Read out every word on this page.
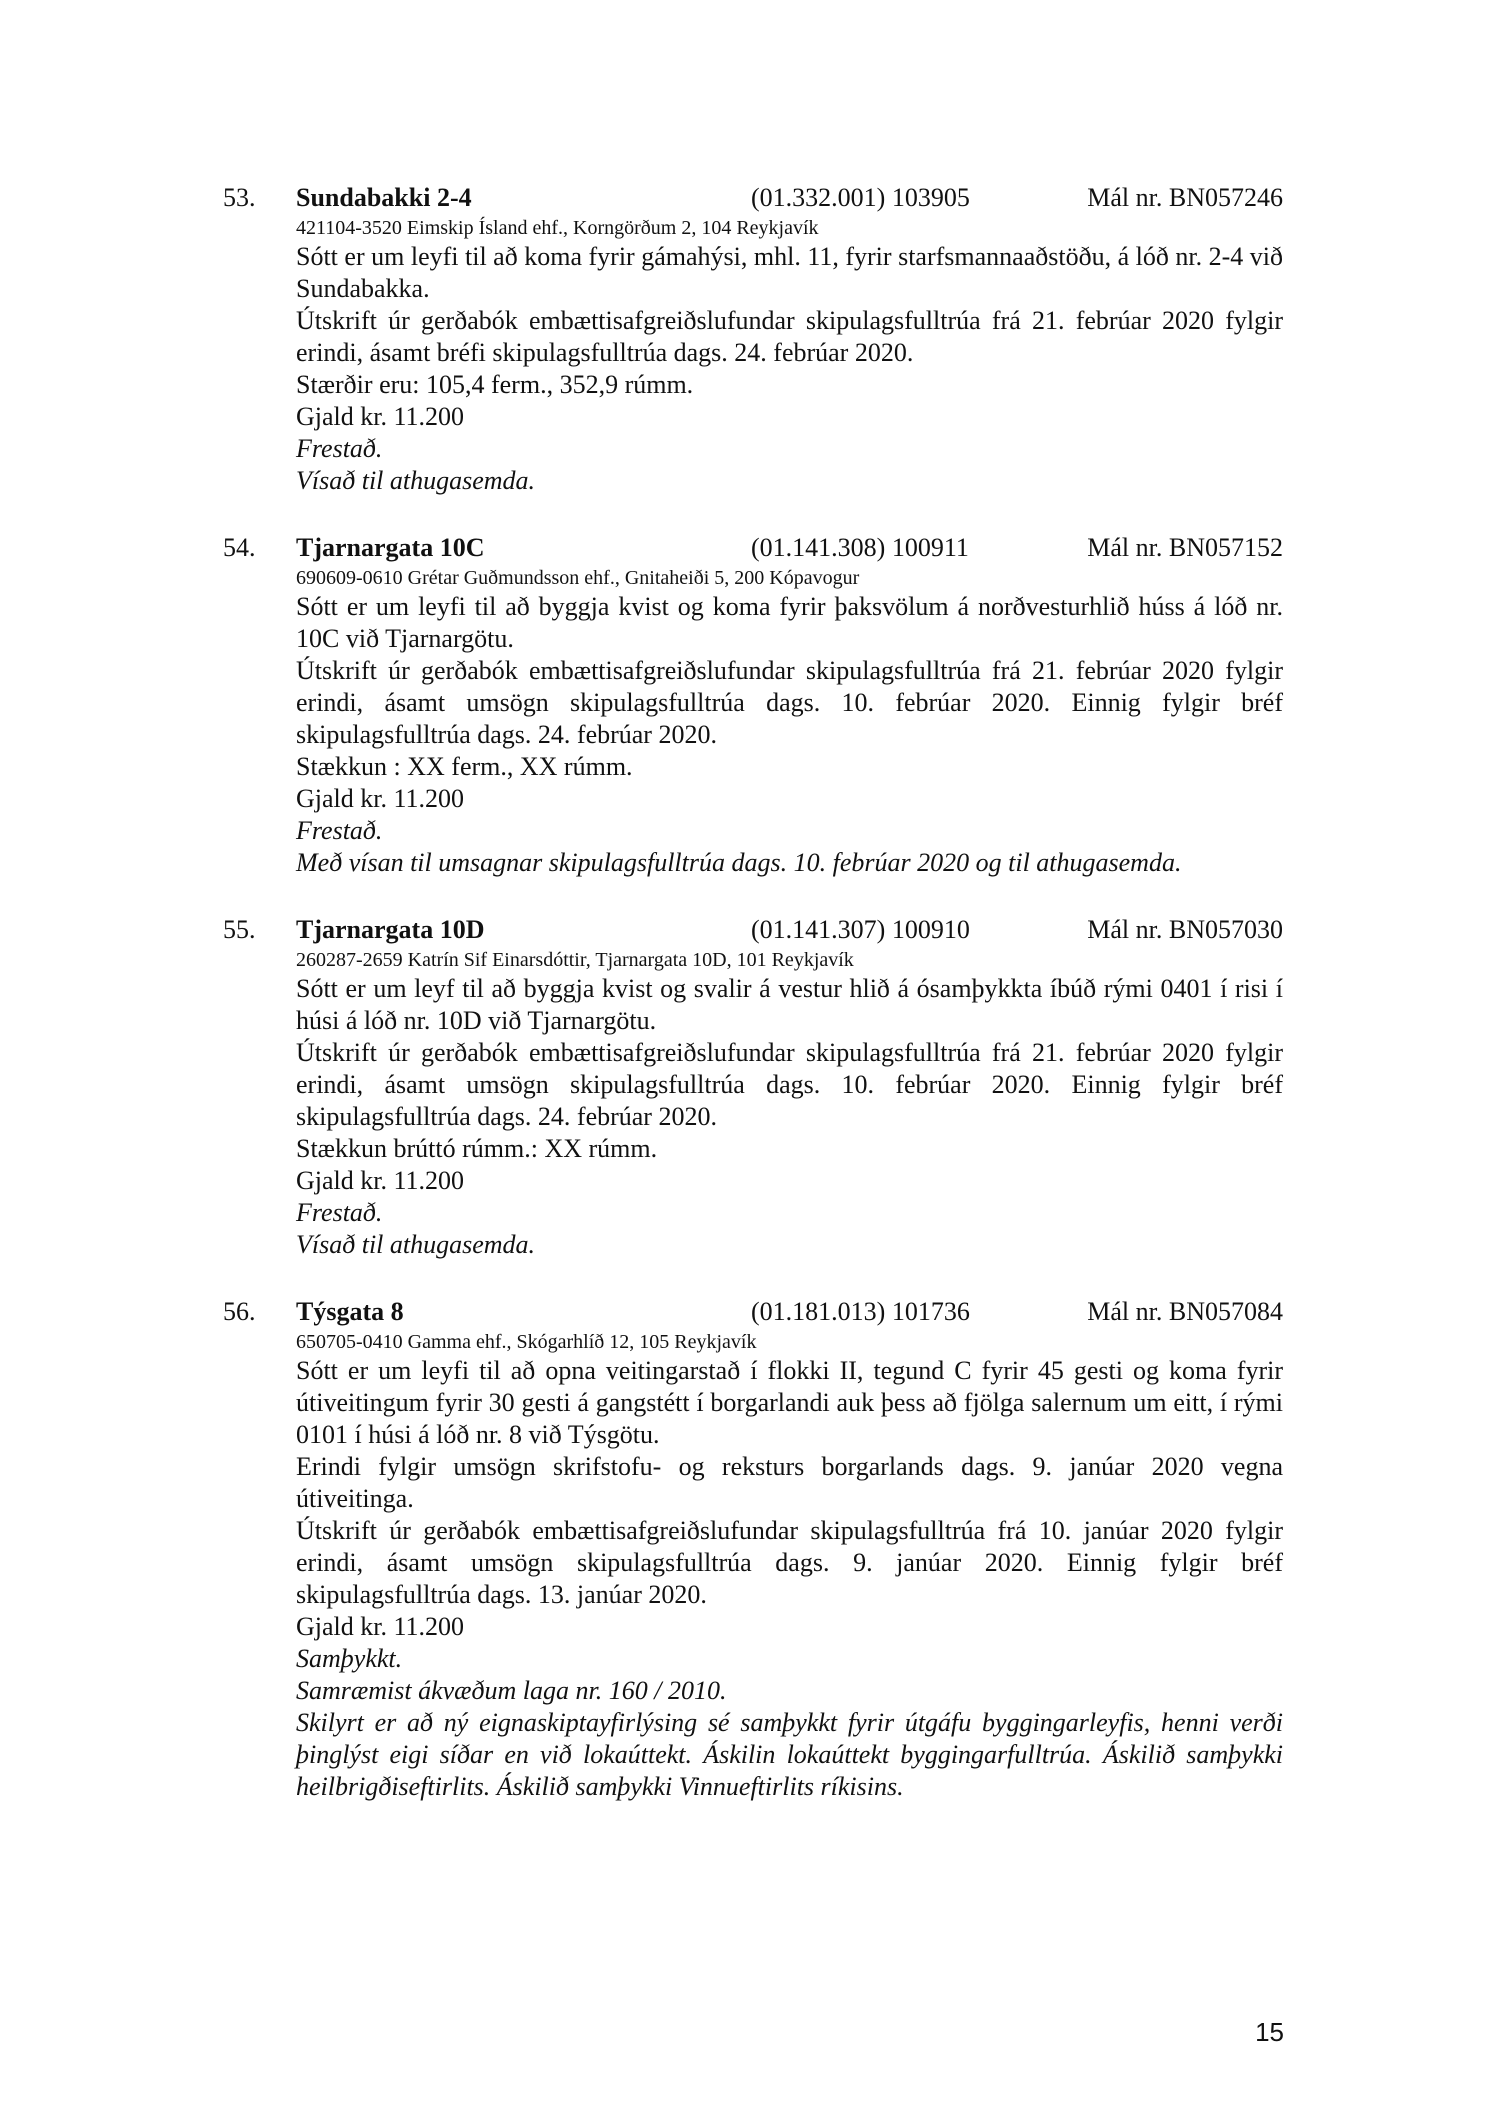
53. Sundabakki 2-4	(01.332.001) 103905	Mál nr. BN057246

421104-3520 Eimskip Ísland ehf., Korngörðum 2, 104 Reykjavík

Sótt er um leyfi til að koma fyrir gámahýsi, mhl. 11, fyrir starfsmannaaðstöðu, á lóð nr. 2-4 við Sundabakka.

Útskrift úr gerðabók embættisafgreiðslufundar skipulagsfulltrúa frá 21. febrúar 2020 fylgir erindi, ásamt bréfi skipulagsfulltrúa dags. 24. febrúar 2020.

Stærðir eru: 105,4 ferm., 352,9 rúmm.

Gjald kr. 11.200

Frestað.

Vísað til athugasemda.

54. Tjarnargata 10C	(01.141.308) 100911	Mál nr. BN057152

690609-0610 Grétar Guðmundsson ehf., Gnitaheiði 5, 200 Kópavogur

Sótt er um leyfi til að byggja kvist og koma fyrir þaksvölum á norðvesturhlið húss á lóð nr. 10C við Tjarnargötu.

Útskrift úr gerðabók embættisafgreiðslufundar skipulagsfulltrúa frá 21. febrúar 2020 fylgir erindi, ásamt umsögn skipulagsfulltrúa dags. 10. febrúar 2020. Einnig fylgir bréf skipulagsfulltrúa dags. 24. febrúar 2020.

Stækkun : XX ferm., XX rúmm.

Gjald kr. 11.200

Frestað.

Með vísan til umsagnar skipulagsfulltrúa dags. 10. febrúar 2020 og til athugasemda.

55. Tjarnargata 10D	(01.141.307) 100910	Mál nr. BN057030

260287-2659 Katrín Sif Einarsdóttir, Tjarnargata 10D, 101 Reykjavík

Sótt er um leyf til að byggja kvist og svalir á vestur hlið á ósamþykkta íbúð rými 0401 í risi í húsi á lóð nr. 10D við Tjarnargötu.

Útskrift úr gerðabók embættisafgreiðslufundar skipulagsfulltrúa frá 21. febrúar 2020 fylgir erindi, ásamt umsögn skipulagsfulltrúa dags. 10. febrúar 2020. Einnig fylgir bréf skipulagsfulltrúa dags. 24. febrúar 2020.

Stækkun brúttó rúmm.: XX rúmm.

Gjald kr. 11.200

Frestað.

Vísað til athugasemda.

56. Týsgata 8	(01.181.013) 101736	Mál nr. BN057084

650705-0410 Gamma ehf., Skógarhlíð 12, 105 Reykjavík

Sótt er um leyfi til að opna veitingarstað í flokki II, tegund C fyrir 45 gesti og koma fyrir útiveitingum fyrir 30 gesti á gangstétt í borgarlandi auk þess að fjölga salernum um eitt, í rými 0101 í húsi á lóð nr. 8 við Týsgötu.

Erindi fylgir umsögn skrifstofu- og reksturs borgarlands dags. 9. janúar 2020 vegna útiveitinga.

Útskrift úr gerðabók embættisafgreiðslufundar skipulagsfulltrúa frá 10. janúar 2020 fylgir erindi, ásamt umsögn skipulagsfulltrúa dags. 9. janúar 2020. Einnig fylgir bréf skipulagsfulltrúa dags. 13. janúar 2020.

Gjald kr. 11.200

Samþykkt.

Samræmist ákvæðum laga nr. 160 / 2010.

Skilyrt er að ný eignaskiptayfirlýsing sé samþykkt fyrir útgáfu byggingarleyfis, henni verði þinglýst eigi síðar en við lokaúttekt. Áskilin lokaúttekt byggingarfulltrúa. Áskilið samþykki heilbrigðiseftirlits. Áskilið samþykki Vinnueftirlits ríkisins.

15
